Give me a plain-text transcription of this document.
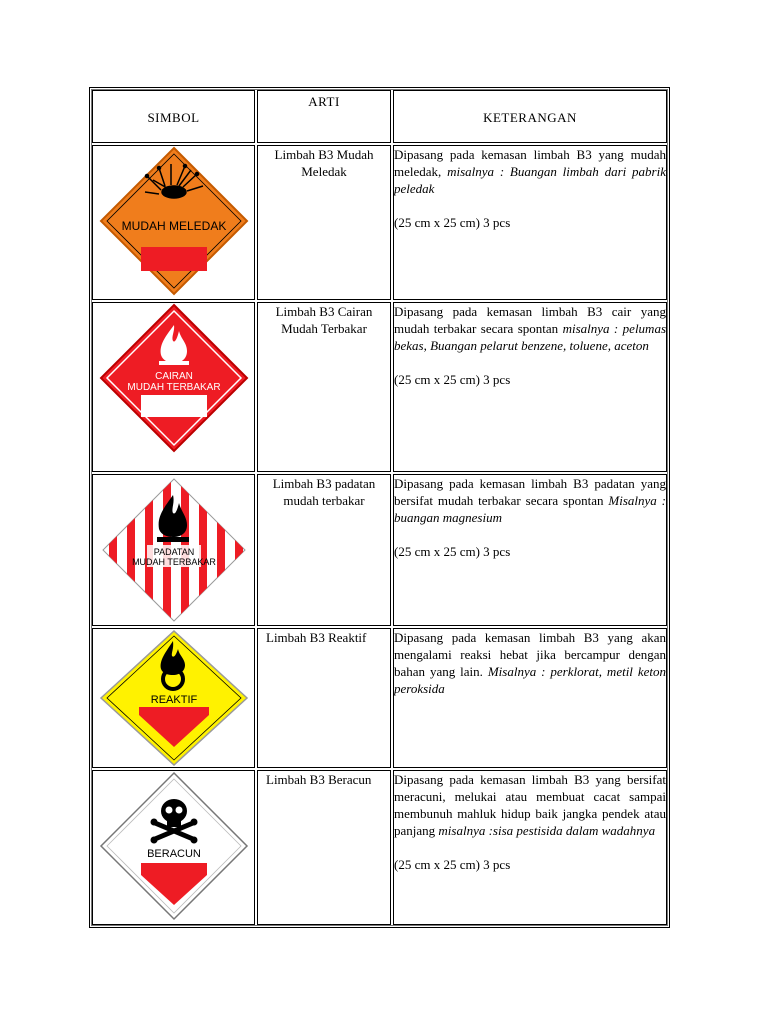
SIMBOL	ARTI	KETERANGAN

MUDAH MELEDAK	Limbah B3 Mudah Meledak	Dipasang pada kemasan limbah B3 yang mudah meledak, misalnya : Buangan limbah dari pabrik peledak
(25 cm x 25 cm) 3 pcs

CAIRAN
MUDAH TERBAKAR	Limbah B3 Cairan Mudah Terbakar	Dipasang pada kemasan limbah B3 cair yang mudah terbakar secara spontan misalnya : pelumas bekas, Buangan pelarut benzene, toluene, aceton
(25 cm x 25 cm) 3 pcs

PADATAN
MUDAH TERBAKAR	Limbah B3 padatan mudah terbakar	Dipasang pada kemasan limbah B3 padatan yang bersifat mudah terbakar secara spontan Misalnya : buangan magnesium
(25 cm x 25 cm) 3 pcs

REAKTIF	Limbah B3 Reaktif	Dipasang pada kemasan limbah B3 yang akan mengalami reaksi hebat jika bercampur dengan bahan yang lain. Misalnya : perklorat, metil keton peroksida

BERACUN	Limbah B3 Beracun	Dipasang pada kemasan limbah B3 yang bersifat meracuni, melukai atau membuat cacat sampai membunuh mahluk hidup baik jangka pendek atau panjang misalnya :sisa pestisida dalam wadahnya
(25 cm x 25 cm) 3 pcs
